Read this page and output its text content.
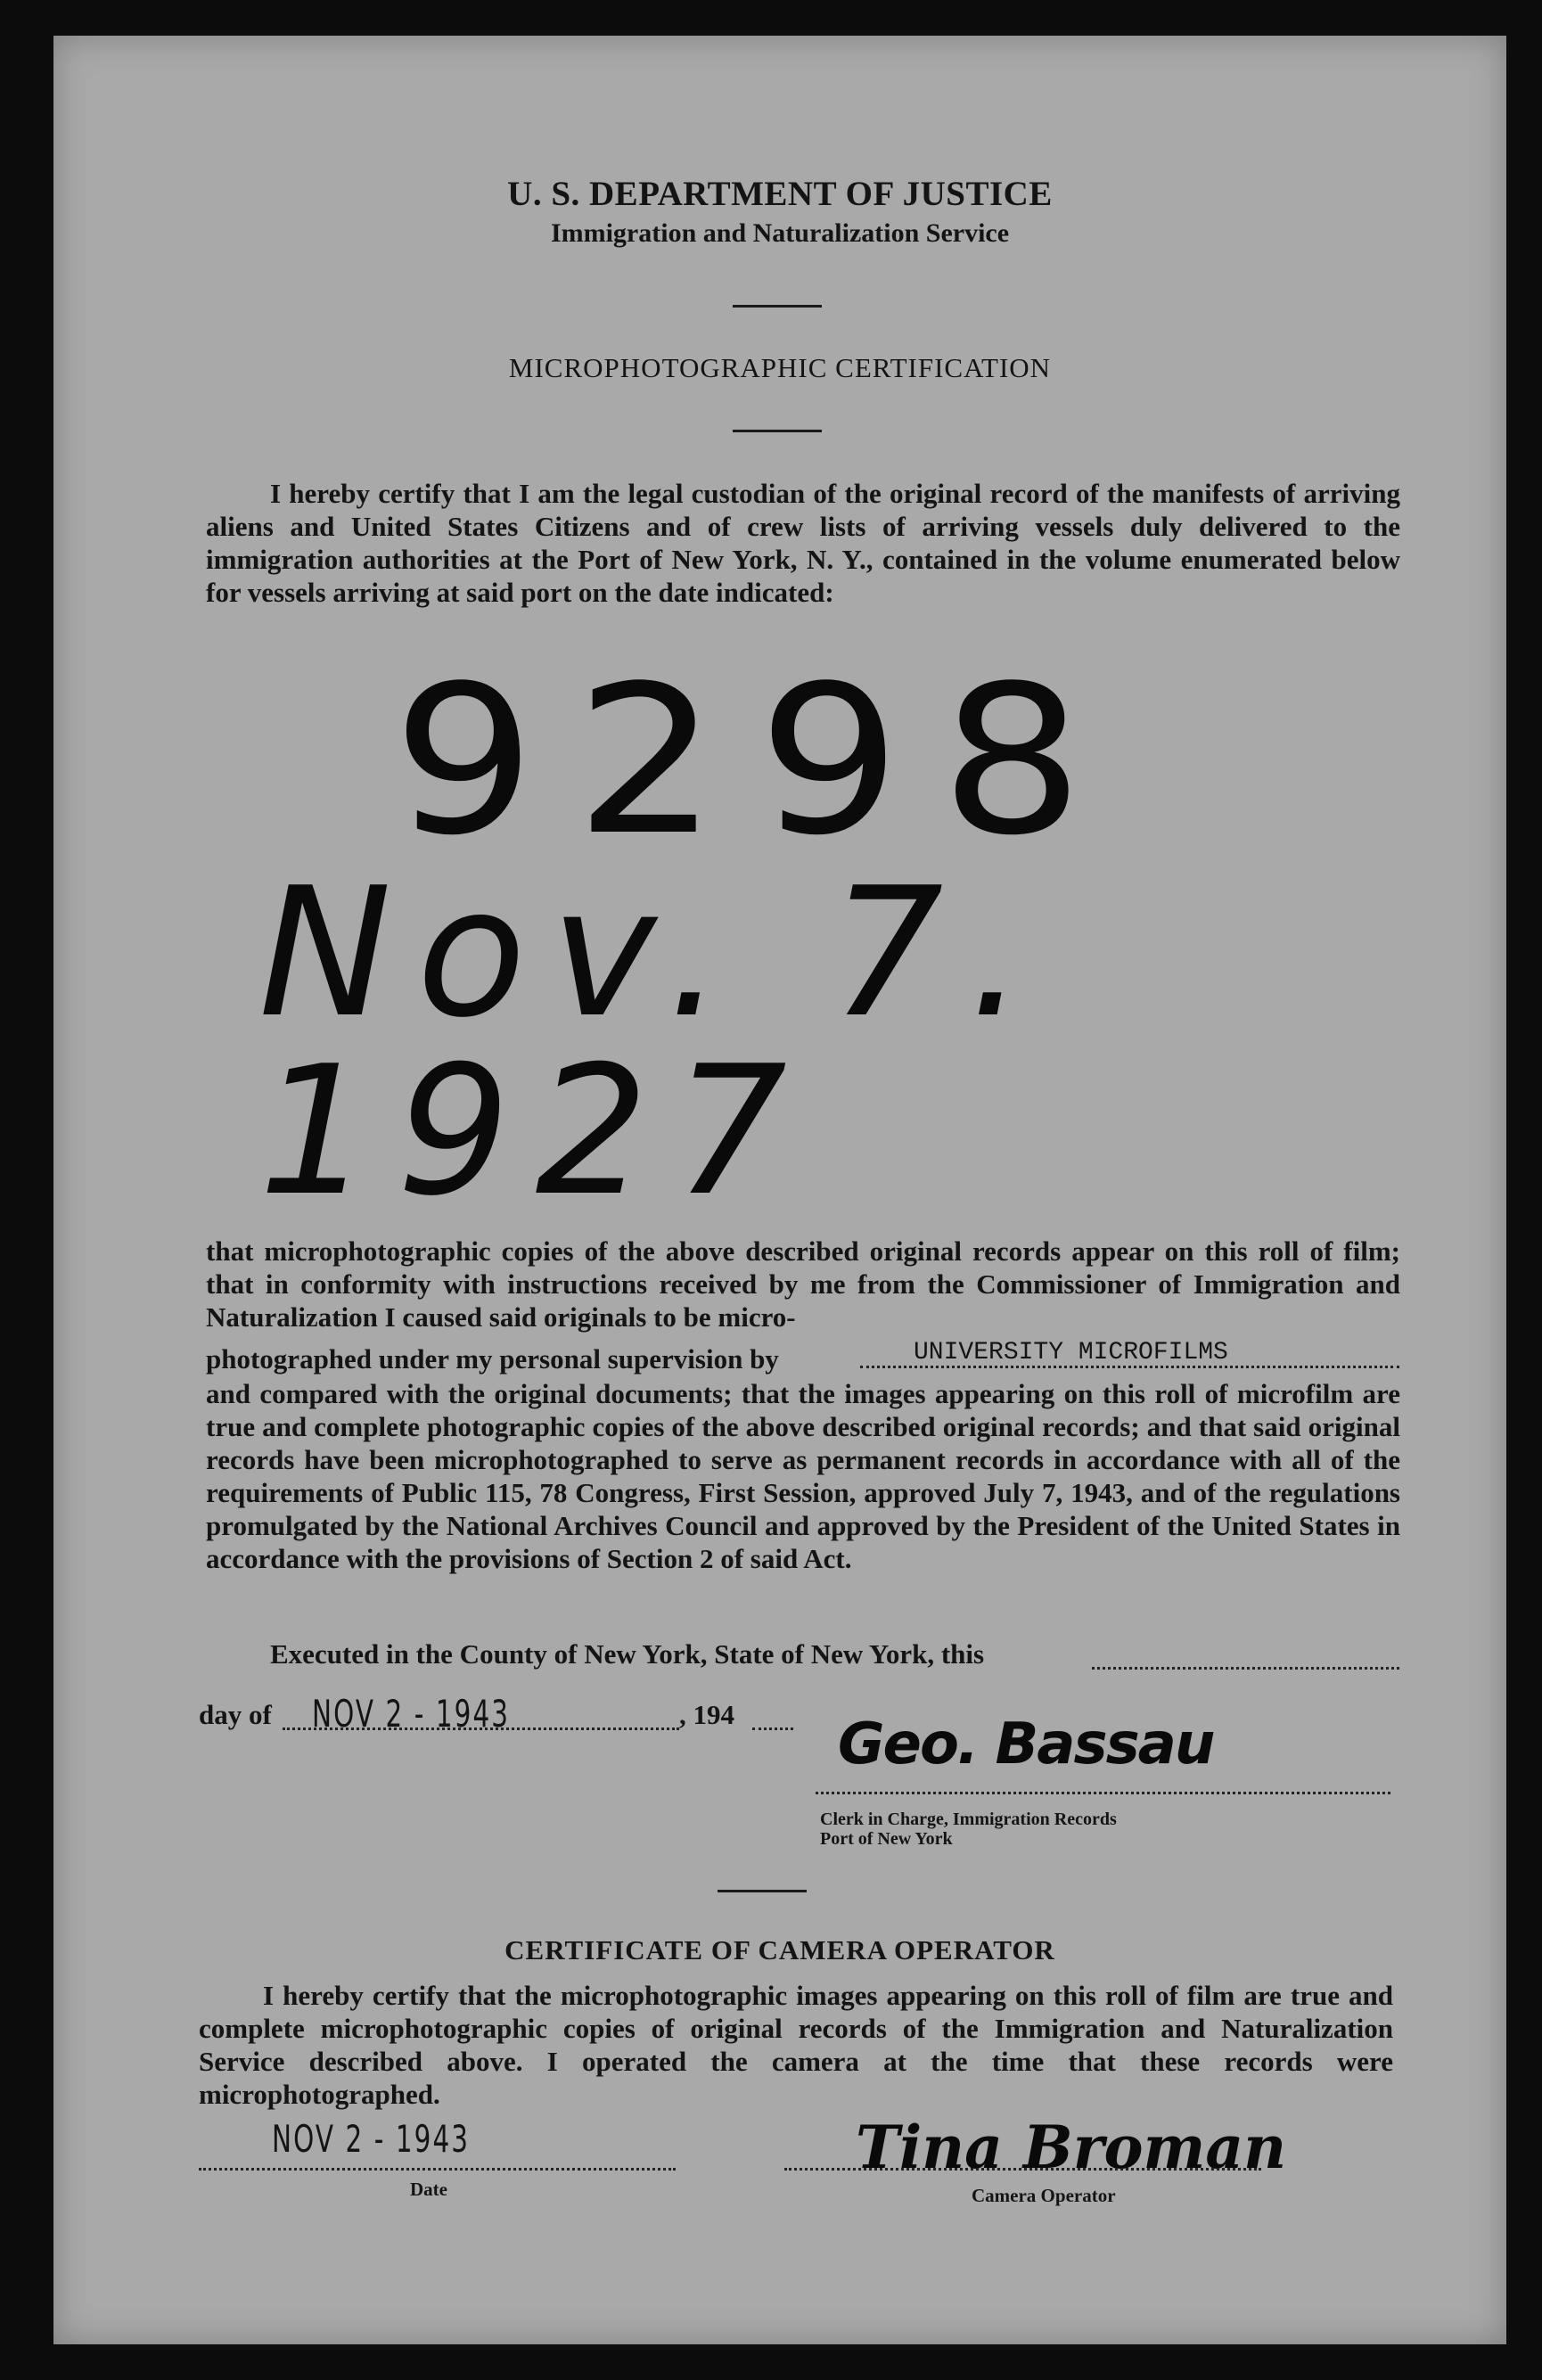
U. S. DEPARTMENT OF JUSTICE
Immigration and Naturalization Service
MICROPHOTOGRAPHIC CERTIFICATION

I hereby certify that I am the legal custodian of the original record of the manifests of arriving aliens and United States Citizens and of crew lists of arriving vessels duly delivered to the immigration authorities at the Port of New York, N. Y., contained in the volume enumerated below for vessels arriving at said port on the date indicated:

9298
Nov. 7. 1927
that microphotographic copies of the above described original records appear on this roll of film; that in conformity with instructions received by me from the Commissioner of Immigration and Naturalization I caused said originals to be micro-
photographed under my personal supervision by	UNIVERSITY MICROFILMS
and compared with the original documents; that the images appearing on this roll of microfilm are true and complete photographic copies of the above described original records; and that said original records have been microphotographed to serve as permanent records in accordance with all of the requirements of Public 115, 78 Congress, First Session, approved July 7, 1943, and of the regulations promulgated by the National Archives Council and approved by the President of the United States in accordance with the provisions of Section 2 of said Act.
Executed in the County of New York, State of New York, this
day of NOV 2 - 1943	, 194 Geo. Bassau
Clerk in Charge, Immigration Records
Port of New York
CERTIFICATE OF CAMERA OPERATOR

I hereby certify that the microphotographic images appearing on this roll of film are true and complete microphotographic copies of original records of the Immigration and Naturalization Service described above. I operated the camera at the time that these records were microphotographed.

NOV 2 - 1943
Date
Tina Broman
Camera Operator
